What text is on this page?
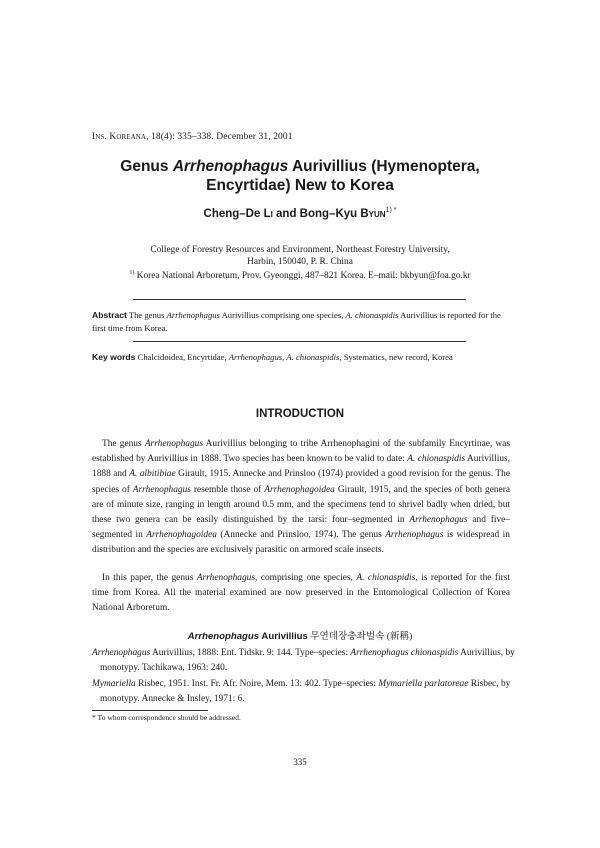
Ins. Koreana, 18(4): 335–338. December 31, 2001
Genus Arrhenophagus Aurivillius (Hymenoptera,
Encyrtidae) New to Korea
Cheng–De Li and Bong–Kyu Byun$^{1) *}$
College of Forestry Resources and Environment, Northeast Forestry University,
Harbin, 150040, P. R. China
$^{1)}$ Korea National Arboretum, Prov. Gyeonggi, 487–821 Korea. E–mail: bkbyun@foa.go.kr
Abstract The genus Arrhenophagus Aurivillius comprising one species, A. chionaspidis Aurivillius is reported for the first time from Korea.
Key words Chalcidoidea, Encyrtidae, Arrhenophagus, A. chionaspidis, Systematics, new record, Korea
INTRODUCTION
The genus Arrhenophagus Aurivillius belonging to tribe Arrhenophagini of the subfamily Encyrtinae, was established by Aurivillius in 1888. Two species has been known to be valid to date: A. chionaspidis Aurivillius, 1888 and A. albitibiae Girault, 1915. Annecke and Prinsloo (1974) provided a good revision for the genus. The species of Arrhenophagus resemble those of Arrhenophagoidea Girault, 1915, and the species of both genera are of minute size, ranging in length around 0.5 mm, and the specimens tend to shrivel badly when dried, but these two genera can be easily distinguished by the tarsi: four–segmented in Arrhenophagus and five–segmented in Arrhenophagoidea (Annecke and Prinsloo, 1974). The genus Arrhenophagus is widespread in distribution and the species are exclusively parasitic on armored scale insects.
In this paper, the genus Arrhenophagus, comprising one species, A. chionaspidis, is reported for the first time from Korea. All the material examined are now preserved in the Entomological Collection of Korea National Arboretum.
Arrhenophagus Aurivillius 무연데장충좌벌속 (新稱)
Arrhenophagus Aurivillius, 1888: Ent. Tidskr. 9: 144. Type–species: Arrhenophagus chionaspidis Aurivillius, by monotypy. Tachikawa, 1963: 240.
Mymariella Risbec, 1951. Inst. Fr. Afr. Noire, Mem. 13: 402. Type–species: Mymariella parlatoreae Risbec, by monotypy. Annecke & Insley, 1971: 6.
* To whom correspondence should be addressed.
335
